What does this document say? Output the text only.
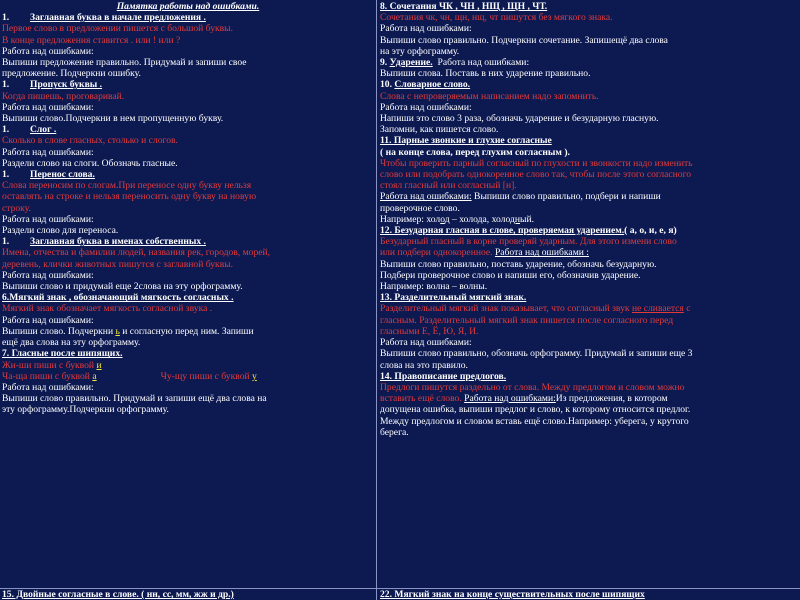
Памятка работы над ошибками.
1. Заглавная буква в начале предложения .
Первое слово в предложении пишется с большой буквы.
В конце предложения ставится . или ! или ?
Работа над ошибками:
Выпиши предложение правильно. Придумай и запиши свое
предложение. Подчеркни ошибку.
1. Пропуск буквы .
Когда пишешь, проговаривай.
Работа над ошибками:
Выпиши слово.Подчеркни в нем пропущенную букву.
1. Слог .
Сколько в слове гласных, столько и слогов.
Работа над ошибками:
Раздели слово на слоги. Обозначь гласные.
1. Перенос слова.
Слова переносим по слогам.При переносе одну букву нельзя
оставлять на строке и нельзя переносить одну букву на новую
строку.
Работа над ошибками:
Раздели слово для переноса.
1. Заглавная буква в именах собственных .
Имена, отчества и фамилии людей, названия рек, городов, морей,
деревень, клички животных пишутся с заглавной буквы.
Работа над ошибками:
Выпиши слово и придумай еще 2слова на эту орфограмму.
6.Мягкий знак , обозначающий мягкость согласных .
Мягкий знак обозначает мягкость согласной звука .
Работа над ошибками:
Выпиши слово. Подчеркни ь и согласную перед ним. Запиши
ещё два слова на эту орфограмму.
7. Гласные после шипящих.
Жи-ши пиши с буквой и
Ча-ща пиши с буквой а	Чу-щу пиши с буквой у
Работа над ошибками:
Выпиши слово правильно. Придумай и запиши ещё два слова на
эту орфограмму.Подчеркни орфограмму.
8. Сочетания ЧК , ЧН , НЩ , ЩН , ЧТ.
Сочетания чк, чн, щн, нщ, чт пишутся без мягкого знака.
Работа над ошибками:
Выпиши слово правильно. Подчеркни сочетание. Запишещё два слова
на эту орфограмму.
9. Ударение. Работа над ошибками:
Выпиши слова. Поставь в них ударение правильно.
10. Словарное слово.
Слова с непроверяемым написанием надо запомнить.
Работа над ошибками:
Напиши это слово 3 раза, обозначь ударение и безударную гласную.
Запомни, как пишется слово.
11. Парные звонкие и глухие согласные
( на конце слова, перед глухим согласным ).
Чтобы проверить парный согласный по глухости и звонкости надо изменить
слово или подобрать однокоренное слово так, чтобы после этого согласного
стоял гласный или согласный [н].
Работа над ошибками: Выпиши слово правильно, подбери и напиши
проверочное слово.
Например: холод – холода, холодный.
12. Безударная гласная в слове, проверяемая ударением.( а, о, и, е, я)
Безударный гласный в корне проверяй ударным. Для этого измени слово
или подбери однокоренное. Работа над ошибками :
Выпиши слово правильно, поставь ударение, обозначь безударную.
Подбери проверочное слово и напиши его, обозначив ударение.
Например: волна – волны.
13. Разделительный мягкий знак.
Разделительный мягкий знак показывает, что согласный звук не сливается с
гласным. Разделительный мягкий знак пишется после согласного перед
гласными Е, Ё, Ю, Я, И.
Работа над ошибками:
Выпиши слово правильно, обозначь орфограмму. Придумай и запиши еще 3
слова на это правило.
14. Правописание предлогов.
Предлоги пишутся раздельно от слова. Между предлогом и словом можно
вставить ещё слово. Работа над ошибками:Из предложения, в котором
допущена ошибка, выпиши предлог и слово, к которому относится предлог.
Между предлогом и словом вставь ещё слово.Например: уберега, у крутого
берега.
15. Двойные согласные в слове. ( нн, сс, мм, жж и др.)	22. Мягкий знак на конце существительных после шипящих
